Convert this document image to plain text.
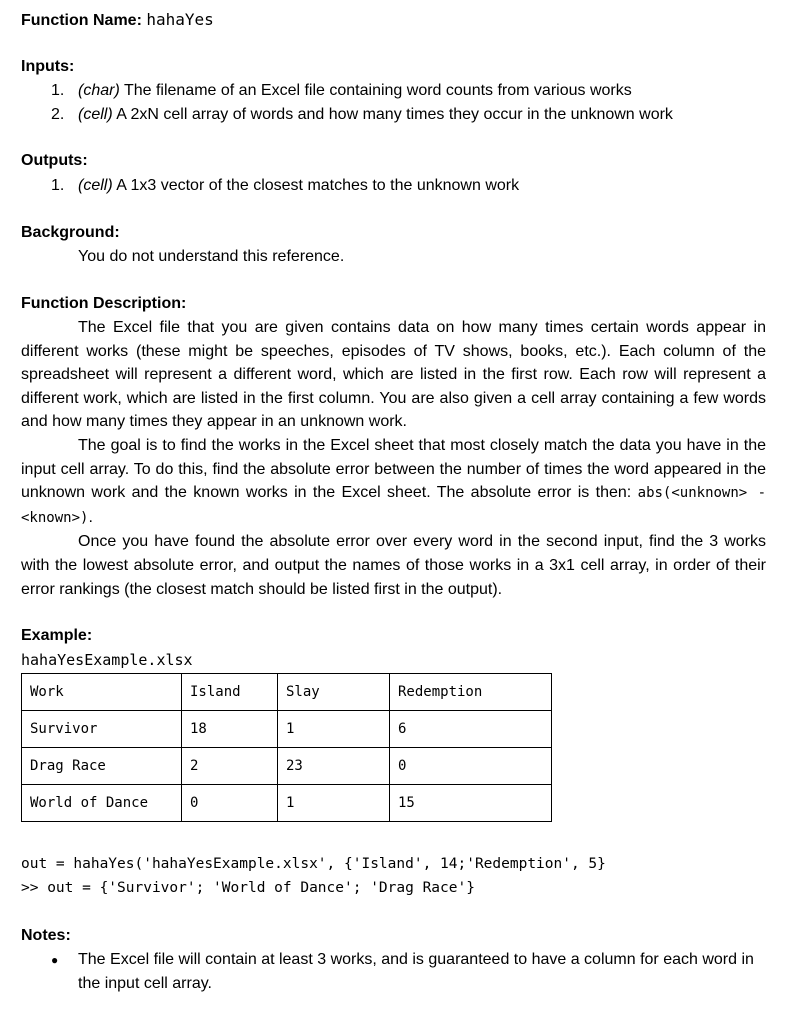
Function Name: hahaYes
Inputs:
1. (char) The filename of an Excel file containing word counts from various works
2. (cell) A 2xN cell array of words and how many times they occur in the unknown work
Outputs:
1. (cell) A 1x3 vector of the closest matches to the unknown work
Background:
You do not understand this reference.
Function Description:

The Excel file that you are given contains data on how many times certain words appear in different works (these might be speeches, episodes of TV shows, books, etc.). Each column of the spreadsheet will represent a different word, which are listed in the first row. Each row will represent a different work, which are listed in the first column. You are also given a cell array containing a few words and how many times they appear in an unknown work.

The goal is to find the works in the Excel sheet that most closely match the data you have in the input cell array. To do this, find the absolute error between the number of times the word appeared in the unknown work and the known works in the Excel sheet. The absolute error is then: abs(<unknown> - <known>).

Once you have found the absolute error over every word in the second input, find the 3 works with the lowest absolute error, and output the names of those works in a 3x1 cell array, in order of their error rankings (the closest match should be listed first in the output).

Example:
hahaYesExample.xlsx
Work	Island	Slay	Redemption
Survivor	18	1	6
Drag Race	2	23	0
World of Dance	0	1	15
out = hahaYes('hahaYesExample.xlsx', {'Island', 14;'Redemption', 5}
>> out = {'Survivor'; 'World of Dance'; 'Drag Race'}
Notes:
● The Excel file will contain at least 3 works, and is guaranteed to have a column for each word in the input cell array.
